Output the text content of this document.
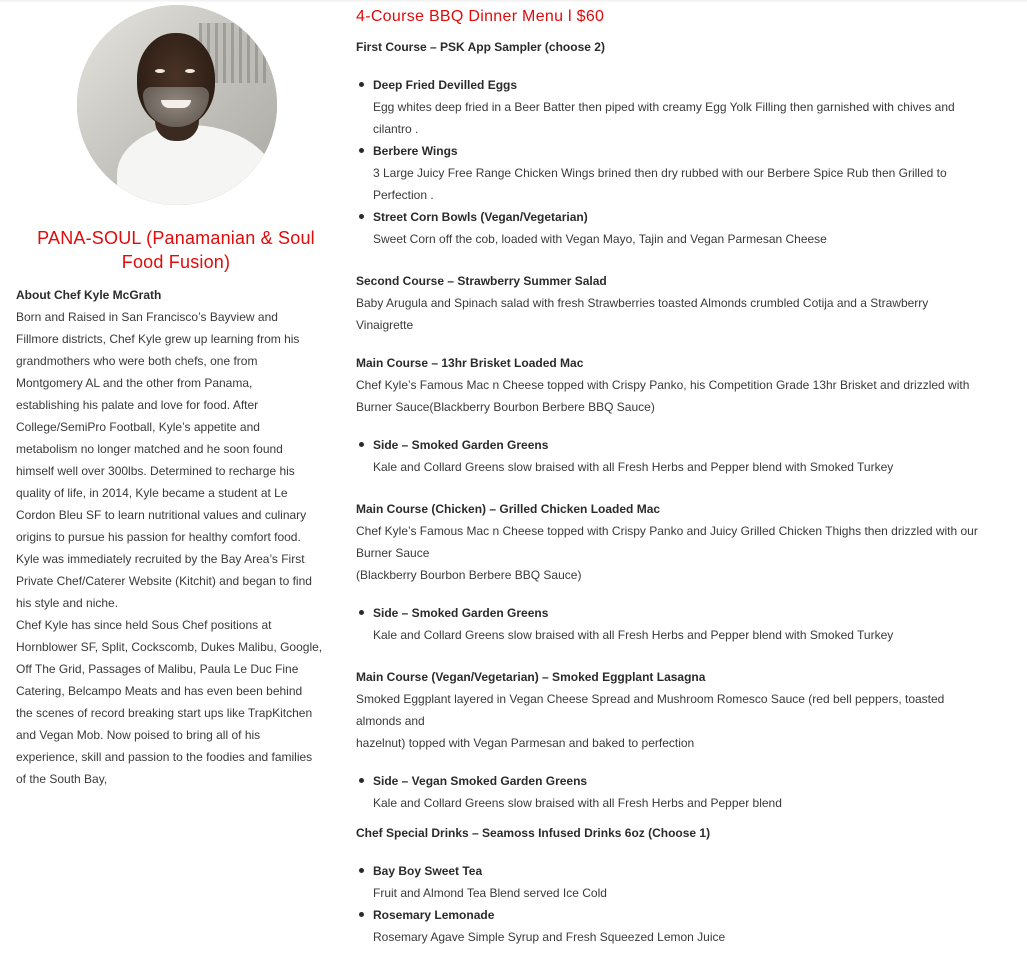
PANA-SOUL (Panamanian & Soul
Food Fusion)
About Chef Kyle McGrath

Born and Raised in San Francisco’s Bayview and

Fillmore districts, Chef Kyle grew up learning from his

grandmothers who were both chefs, one from

Montgomery AL and the other from Panama,

establishing his palate and love for food. After

College/SemiPro Football, Kyle’s appetite and

metabolism no longer matched and he soon found

himself well over 300lbs. Determined to recharge his

quality of life, in 2014, Kyle became a student at Le

Cordon Bleu SF to learn nutritional values and culinary

origins to pursue his passion for healthy comfort food.

Kyle was immediately recruited by the Bay Area’s First

Private Chef/Caterer Website (Kitchit) and began to find

his style and niche.

Chef Kyle has since held Sous Chef positions at

Hornblower SF, Split, Cockscomb, Dukes Malibu, Google,

Off The Grid, Passages of Malibu, Paula Le Duc Fine

Catering, Belcampo Meats and has even been behind

the scenes of record breaking start ups like TrapKitchen

and Vegan Mob. Now poised to bring all of his

experience, skill and passion to the foodies and families

of the South Bay,

4-Course BBQ Dinner Menu l $60
First Course – PSK App Sampler (choose 2)
Deep Fried Devilled Eggs
Egg whites deep fried in a Beer Batter then piped with creamy Egg Yolk Filling then garnished with chives and
cilantro .
Berbere Wings
3 Large Juicy Free Range Chicken Wings brined then dry rubbed with our Berbere Spice Rub then Grilled to
Perfection .
Street Corn Bowls (Vegan/Vegetarian)
Sweet Corn off the cob, loaded with Vegan Mayo, Tajin and Vegan Parmesan Cheese
Second Course – Strawberry Summer Salad
Baby Arugula and Spinach salad with fresh Strawberries toasted Almonds crumbled Cotija and a Strawberry
Vinaigrette
Main Course – 13hr Brisket Loaded Mac
Chef Kyle’s Famous Mac n Cheese topped with Crispy Panko, his Competition Grade 13hr Brisket and drizzled with
Burner Sauce(Blackberry Bourbon Berbere BBQ Sauce)
Side – Smoked Garden Greens
Kale and Collard Greens slow braised with all Fresh Herbs and Pepper blend with Smoked Turkey
Main Course (Chicken) – Grilled Chicken Loaded Mac
Chef Kyle’s Famous Mac n Cheese topped with Crispy Panko and Juicy Grilled Chicken Thighs then drizzled with our
Burner Sauce
(Blackberry Bourbon Berbere BBQ Sauce)
Side – Smoked Garden Greens
Kale and Collard Greens slow braised with all Fresh Herbs and Pepper blend with Smoked Turkey
Main Course (Vegan/Vegetarian) – Smoked Eggplant Lasagna
Smoked Eggplant layered in Vegan Cheese Spread and Mushroom Romesco Sauce (red bell peppers, toasted
almonds and
hazelnut) topped with Vegan Parmesan and baked to perfection
Side – Vegan Smoked Garden Greens
Kale and Collard Greens slow braised with all Fresh Herbs and Pepper blend
Chef Special Drinks – Seamoss Infused Drinks 6oz (Choose 1)
Bay Boy Sweet Tea
Fruit and Almond Tea Blend served Ice Cold
Rosemary Lemonade
Rosemary Agave Simple Syrup and Fresh Squeezed Lemon Juice
